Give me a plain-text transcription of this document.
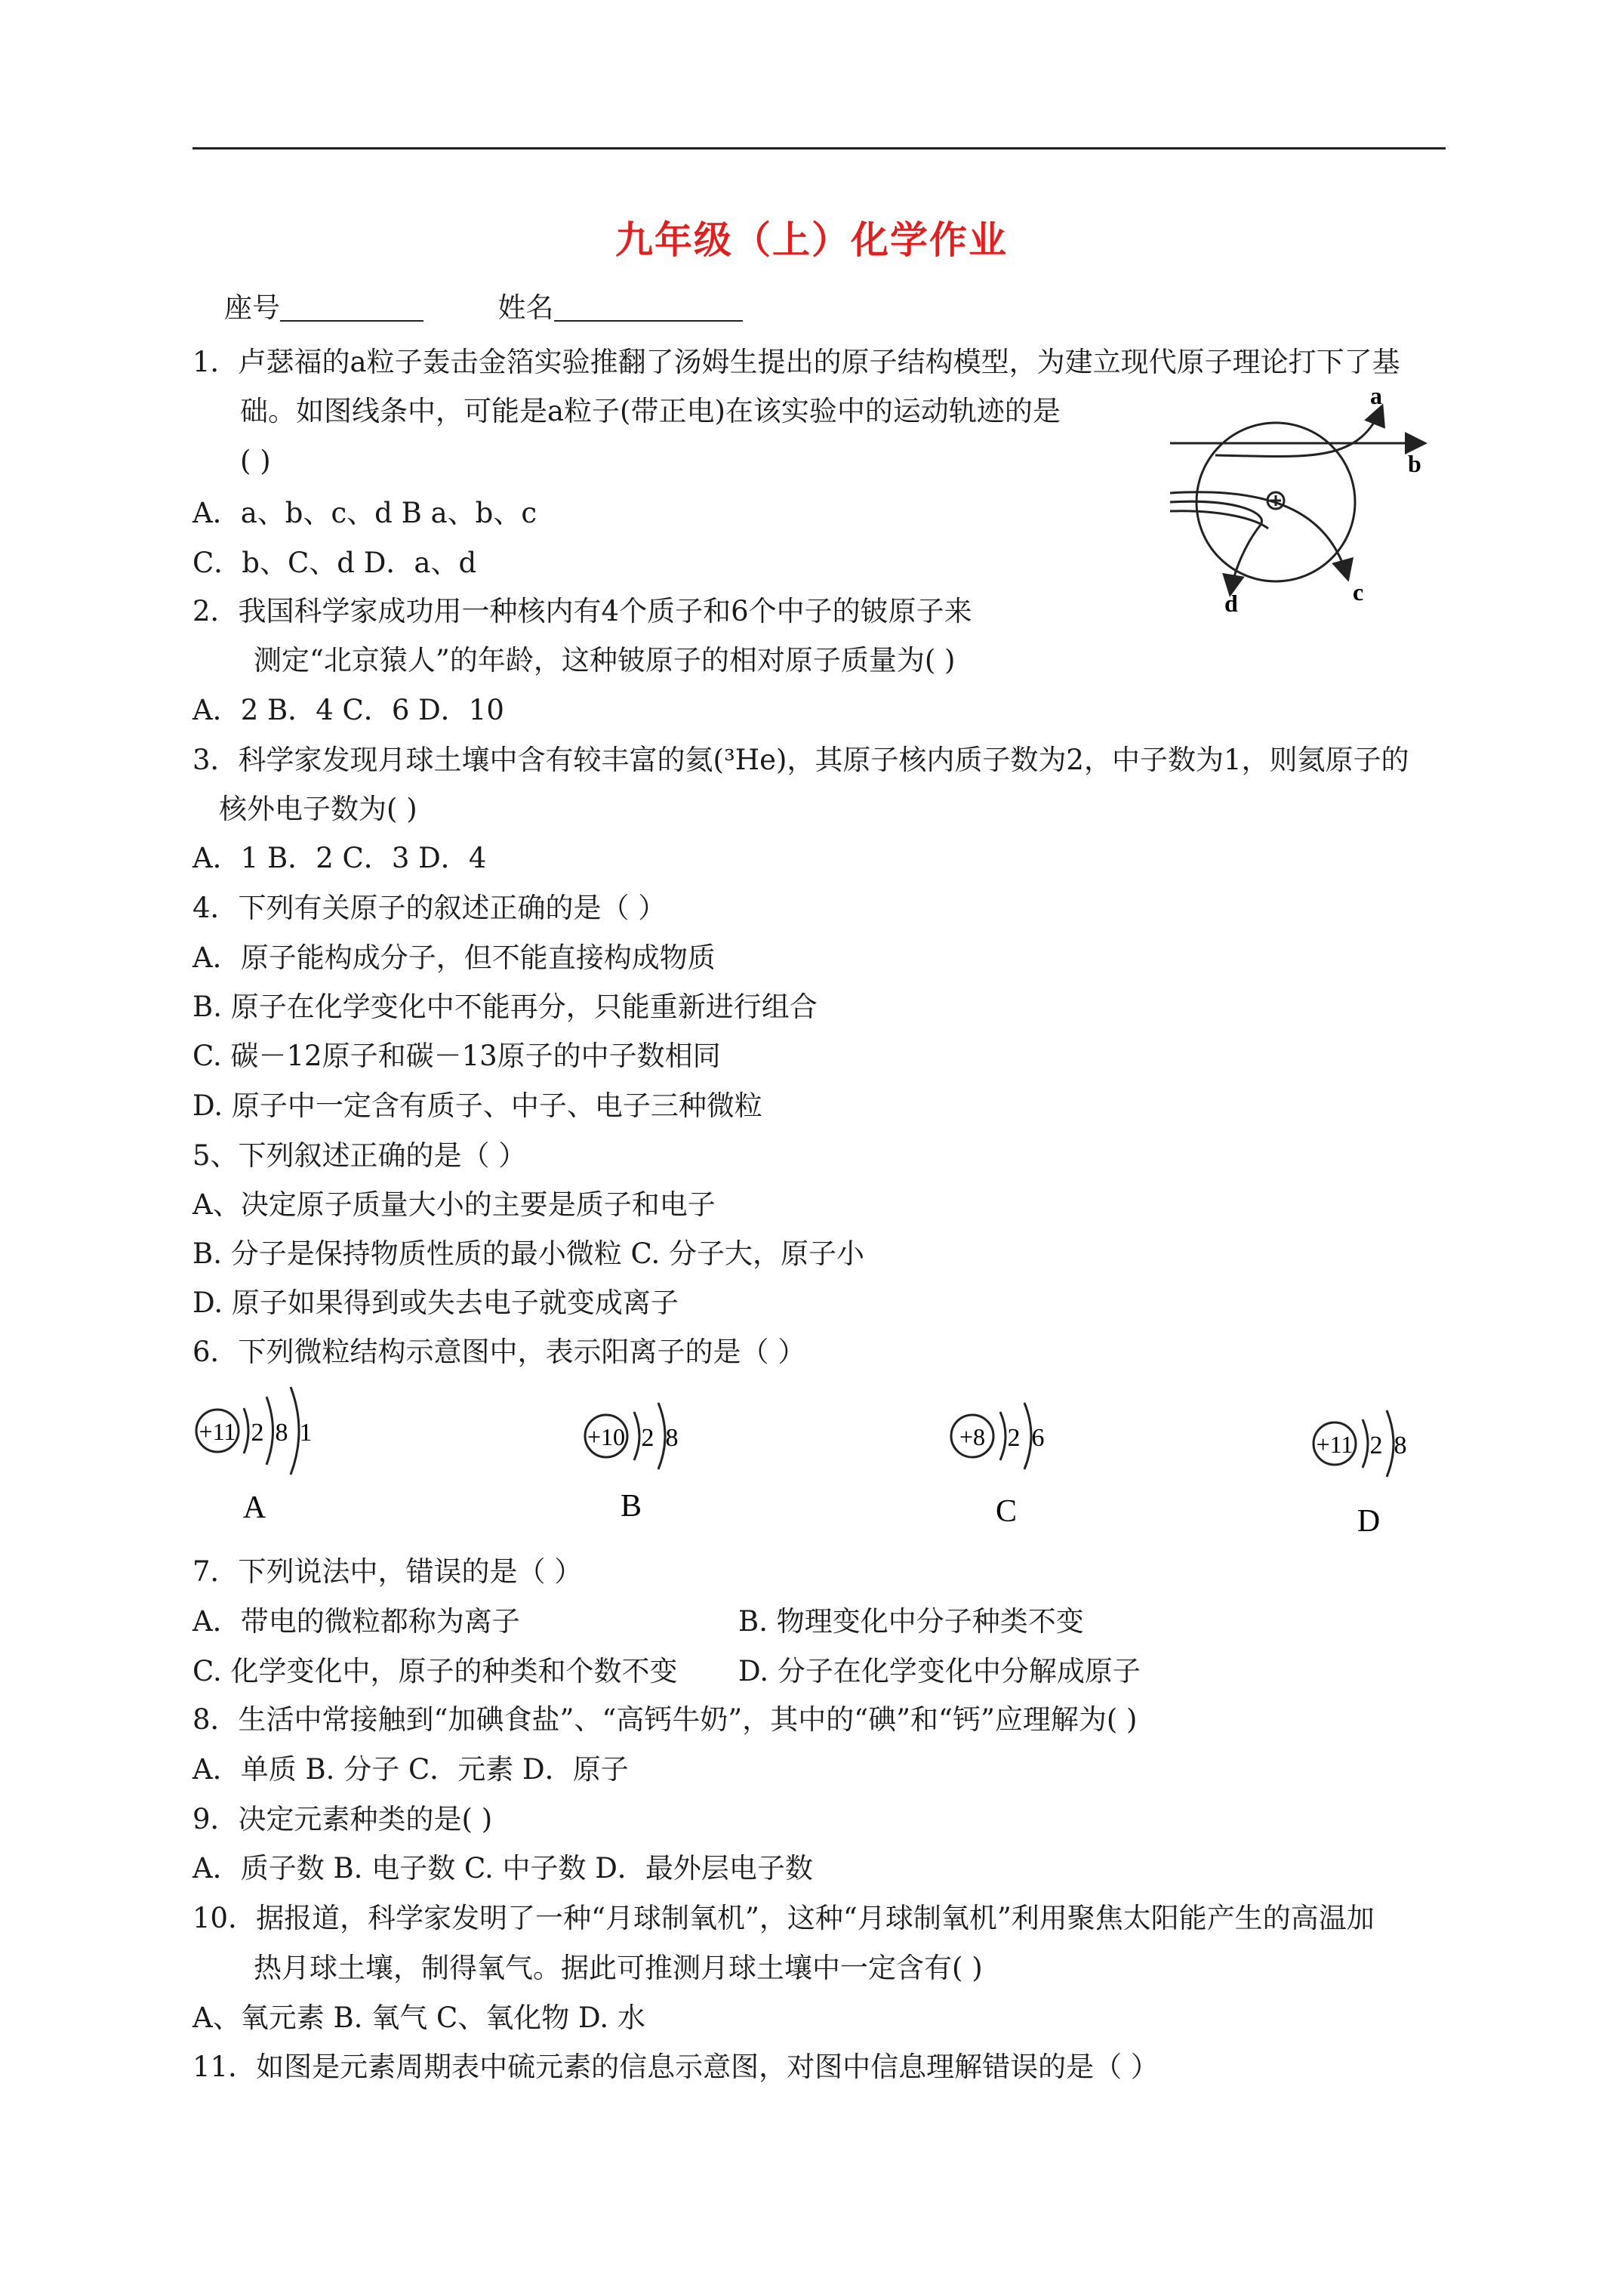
九年级（上）化学作业
座号	姓名
1．卢瑟福的a粒子轰击金箔实验推翻了汤姆生提出的原子结构模型，为建立现代原子理论打下了基
础。如图线条中，可能是a粒子(带正电)在该实验中的运动轨迹的是
( )
A．a、b、c、d B a、b、c
C．b、C、d D．a、d
2．我国科学家成功用一种核内有4个质子和6个中子的铍原子来
测定“北京猿人”的年龄，这种铍原子的相对原子质量为( )
A．2 B．4 C．6 D．10
3．科学家发现月球土壤中含有较丰富的氦(³He)，其原子核内质子数为2，中子数为1，则氦原子的
核外电子数为( )
A．1 B．2 C．3 D．4
4．下列有关原子的叙述正确的是（ ）
A．原子能构成分子，但不能直接构成物质
B. 原子在化学变化中不能再分，只能重新进行组合
C. 碳－12原子和碳－13原子的中子数相同
D. 原子中一定含有质子、中子、电子三种微粒
5、下列叙述正确的是（ ）
A、决定原子质量大小的主要是质子和电子
B. 分子是保持物质性质的最小微粒 C. 分子大，原子小
D. 原子如果得到或失去电子就变成离子
6．下列微粒结构示意图中，表示阳离子的是（ ）
7．下列说法中，错误的是（ ）
A．带电的微粒都称为离子	B. 物理变化中分子种类不变
C. 化学变化中，原子的种类和个数不变 D. 分子在化学变化中分解成原子
8．生活中常接触到“加碘食盐”、“高钙牛奶”，其中的“碘”和“钙”应理解为( )
A．单质 B. 分子 C．元素 D．原子
9．决定元素种类的是( )
A．质子数 B. 电子数 C. 中子数 D．最外层电子数
10．据报道，科学家发明了一种“月球制氧机”，这种“月球制氧机”利用聚焦太阳能产生的高温加
热月球土壤，制得氧气。据此可推测月球土壤中一定含有( )
A、氧元素 B. 氧气 C、氧化物 D. 水
11．如图是元素周期表中硫元素的信息示意图，对图中信息理解错误的是（ ）
a
b
c
d
+11 2 8 1
A
+10 2 8
B
+8 2 6
C
+11 2 8
D
